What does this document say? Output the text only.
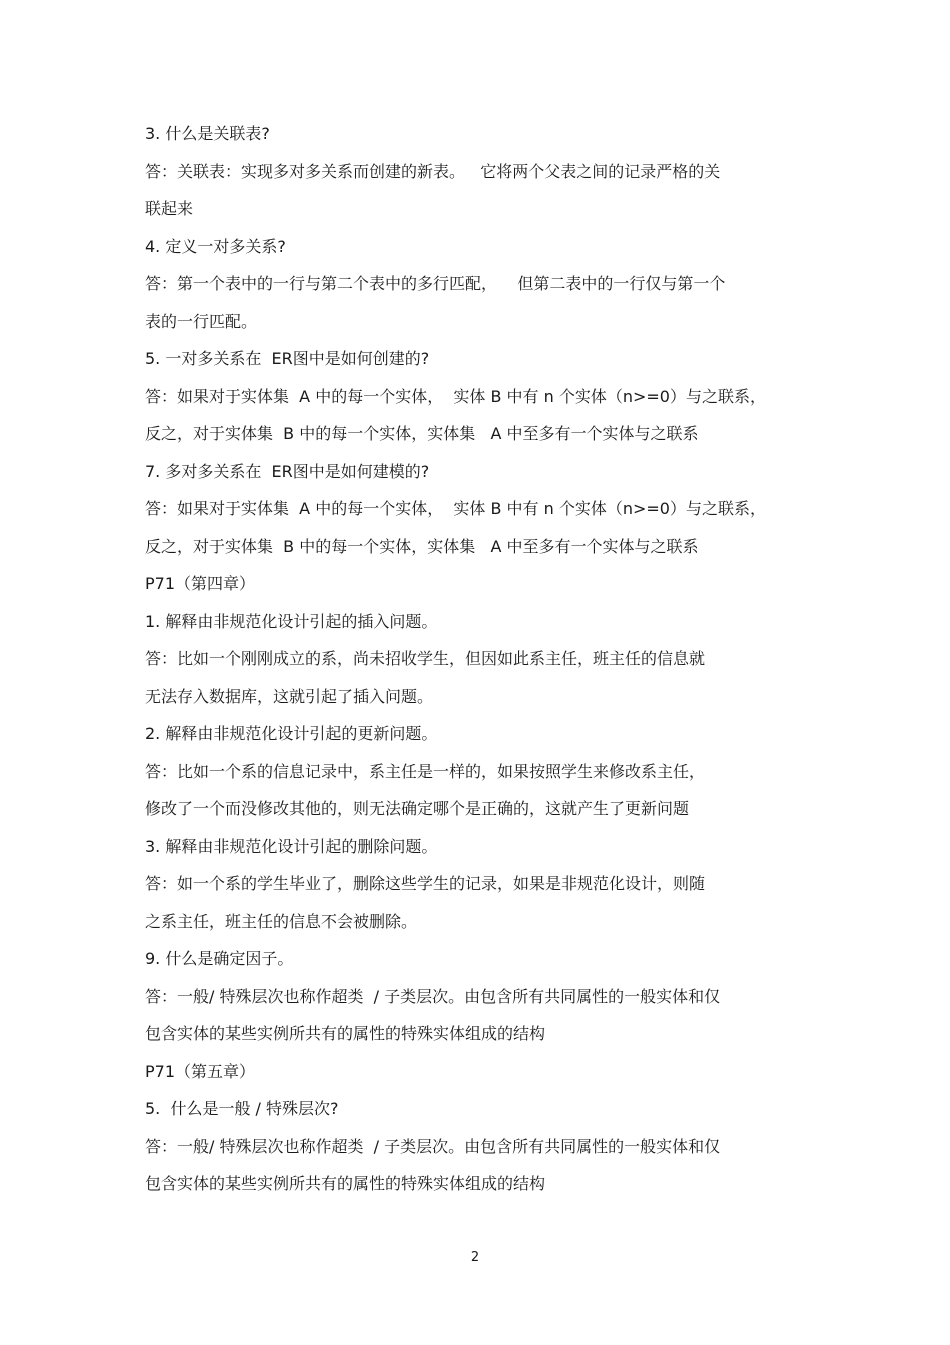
3. 什么是关联表?
答：关联表：实现多对多关系而创建的新表。   它将两个父表之间的记录严格的关
联起来
4. 定义一对多关系?
答：第一个表中的一行与第二个表中的多行匹配，    但第二表中的一行仅与第一个
表的一行匹配。
5. 一对多关系在  ER图中是如何创建的?
答：如果对于实体集  A 中的每一个实体，  实体 B 中有 n 个实体（n>=0）与之联系，
反之，对于实体集  B 中的每一个实体，实体集   A 中至多有一个实体与之联系
7. 多对多关系在  ER图中是如何建模的?
答：如果对于实体集  A 中的每一个实体，  实体 B 中有 n 个实体（n>=0）与之联系，
反之，对于实体集  B 中的每一个实体，实体集   A 中至多有一个实体与之联系
P71（第四章）
1. 解释由非规范化设计引起的插入问题。
答：比如一个刚刚成立的系，尚未招收学生，但因如此系主任，班主任的信息就
无法存入数据库，这就引起了插入问题。
2. 解释由非规范化设计引起的更新问题。
答：比如一个系的信息记录中，系主任是一样的，如果按照学生来修改系主任，
修改了一个而没修改其他的，则无法确定哪个是正确的，这就产生了更新问题
3. 解释由非规范化设计引起的删除问题。
答：如一个系的学生毕业了，删除这些学生的记录，如果是非规范化设计，则随
之系主任，班主任的信息不会被删除。
9. 什么是确定因子。
答：一般/ 特殊层次也称作超类  / 子类层次。由包含所有共同属性的一般实体和仅
包含实体的某些实例所共有的属性的特殊实体组成的结构
P71（第五章）
5.  什么是一般 / 特殊层次?
答：一般/ 特殊层次也称作超类  / 子类层次。由包含所有共同属性的一般实体和仅
包含实体的某些实例所共有的属性的特殊实体组成的结构
2
